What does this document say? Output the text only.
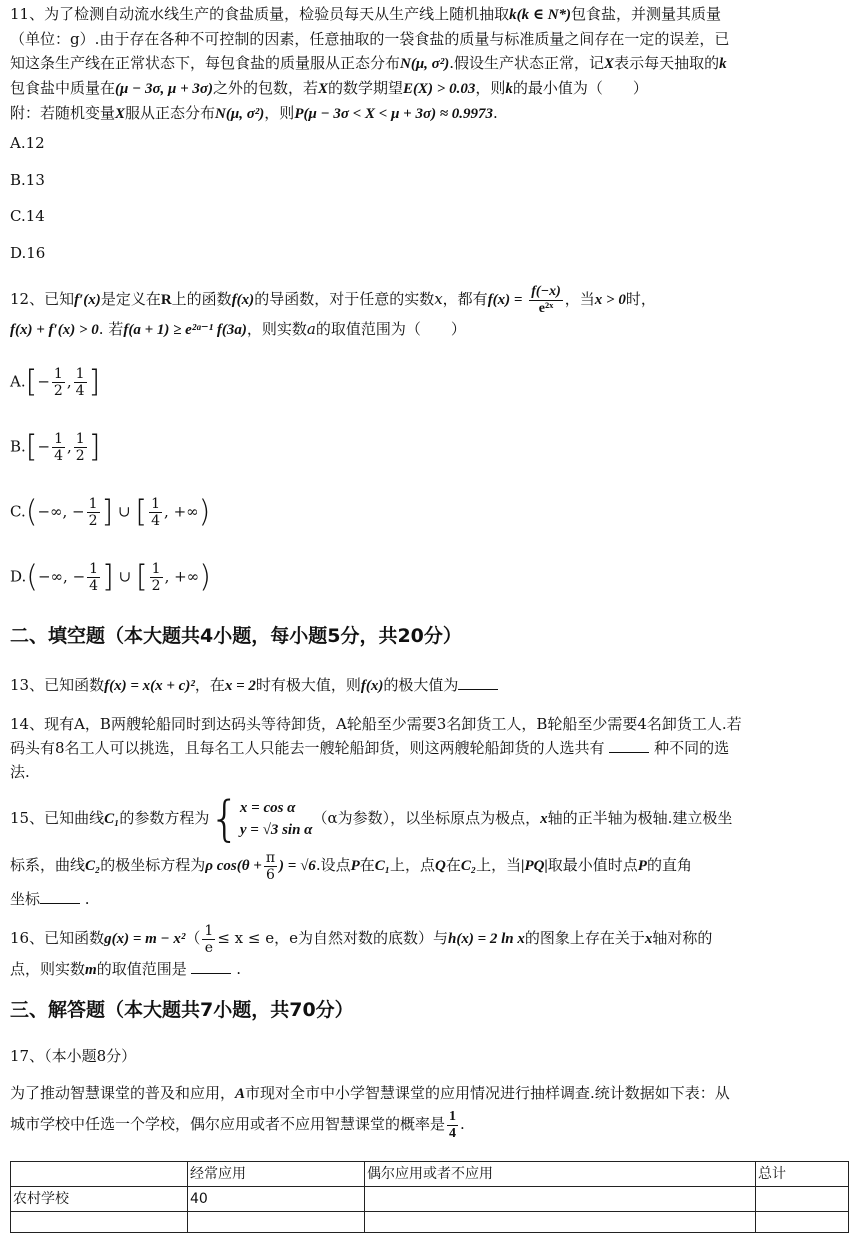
11、为了检测自动流水线生产的食盐质量，检验员每天从生产线上随机抽取k(k ∈ N*)包食盐，并测量其质量
（单位：g）.由于存在各种不可控制的因素，任意抽取的一袋食盐的质量与标准质量之间存在一定的误差，已
知这条生产线在正常状态下，每包食盐的质量服从正态分布N(μ, σ²).假设生产状态正常，记X表示每天抽取的k
包食盐中质量在(μ − 3σ, μ + 3σ)之外的包数，若X的数学期望E(X) > 0.03，则k的最小值为（　　）
附：若随机变量X服从正态分布N(μ, σ²)，则P(μ − 3σ < X < μ + 3σ) ≈ 0.9973.
A.12
B.13
C.14
D.16
12、已知f′(x)是定义在R上的函数f(x)的导函数，对于任意的实数x，都有$f(x) = \frac{f(-x)}{\text{e²ˣ}}$ ，当x > 0时，
f(x) + f′(x) > 0. 若f(a + 1) ≥ e²ᵃ⁻¹ f(3a)，则实数a的取值范围为（　　）
$A.[- \frac{1}{2}$ , $\frac{1}{4}$ ]
$B.[- \frac{1}{4}$ , $\frac{1}{2}$ ]
C.(−∞, − $\frac{1}{2}$ ] ∪ [ $\frac{1}{4}$ , +∞)
D.(−∞, − $\frac{1}{4}$ ] ∪ [ $\frac{1}{2}$ , +∞)
二、填空题（本大题共4小题，每小题5分，共20分）
13、已知函数f(x) = x(x + c)²，在x = 2时有极大值，则f(x)的极大值为
14、现有A，B两艘轮船同时到达码头等待卸货，A轮船至少需要3名卸货工人，B轮船至少需要4名卸货工人.若
码头有8名工人可以挑选，且每名工人只能去一艘轮船卸货，则这两艘轮船卸货的人选共有	种不同的选
法.
15、已知曲线C₁的参数方程为{ x = cos α
y = √3 sin α
（α为参数），以坐标原点为极点，x轴的正半轴为极轴.建立极坐
标系，曲线C₂的极坐标方程为ρ $\cos(\theta + \frac{\pi}{6}$ ) = √6.设点P在C₁上，点Q在C₂上，当|PQ|取最小值时点P的直角
坐标	.
16、已知函数$g(x) = m - x^2( \frac{1}{e} \le x \le e$，e为自然对数的底数）与h(x) = 2 ln x的图象上存在关于x轴对称的
点，则实数m的取值范围是	.
三、解答题（本大题共7小题，共70分）
17、（本小题8分）
为了推动智慧课堂的普及和应用，A市现对全市中小学智慧课堂的应用情况进行抽样调查.统计数据如下表：从
城市学校中任选一个学校，偶尔应用或者不应用智慧课堂的概率是 $\frac{1}{4}$ .
	经常应用	偶尔应用或者不应用	总计
农村学校	40		
